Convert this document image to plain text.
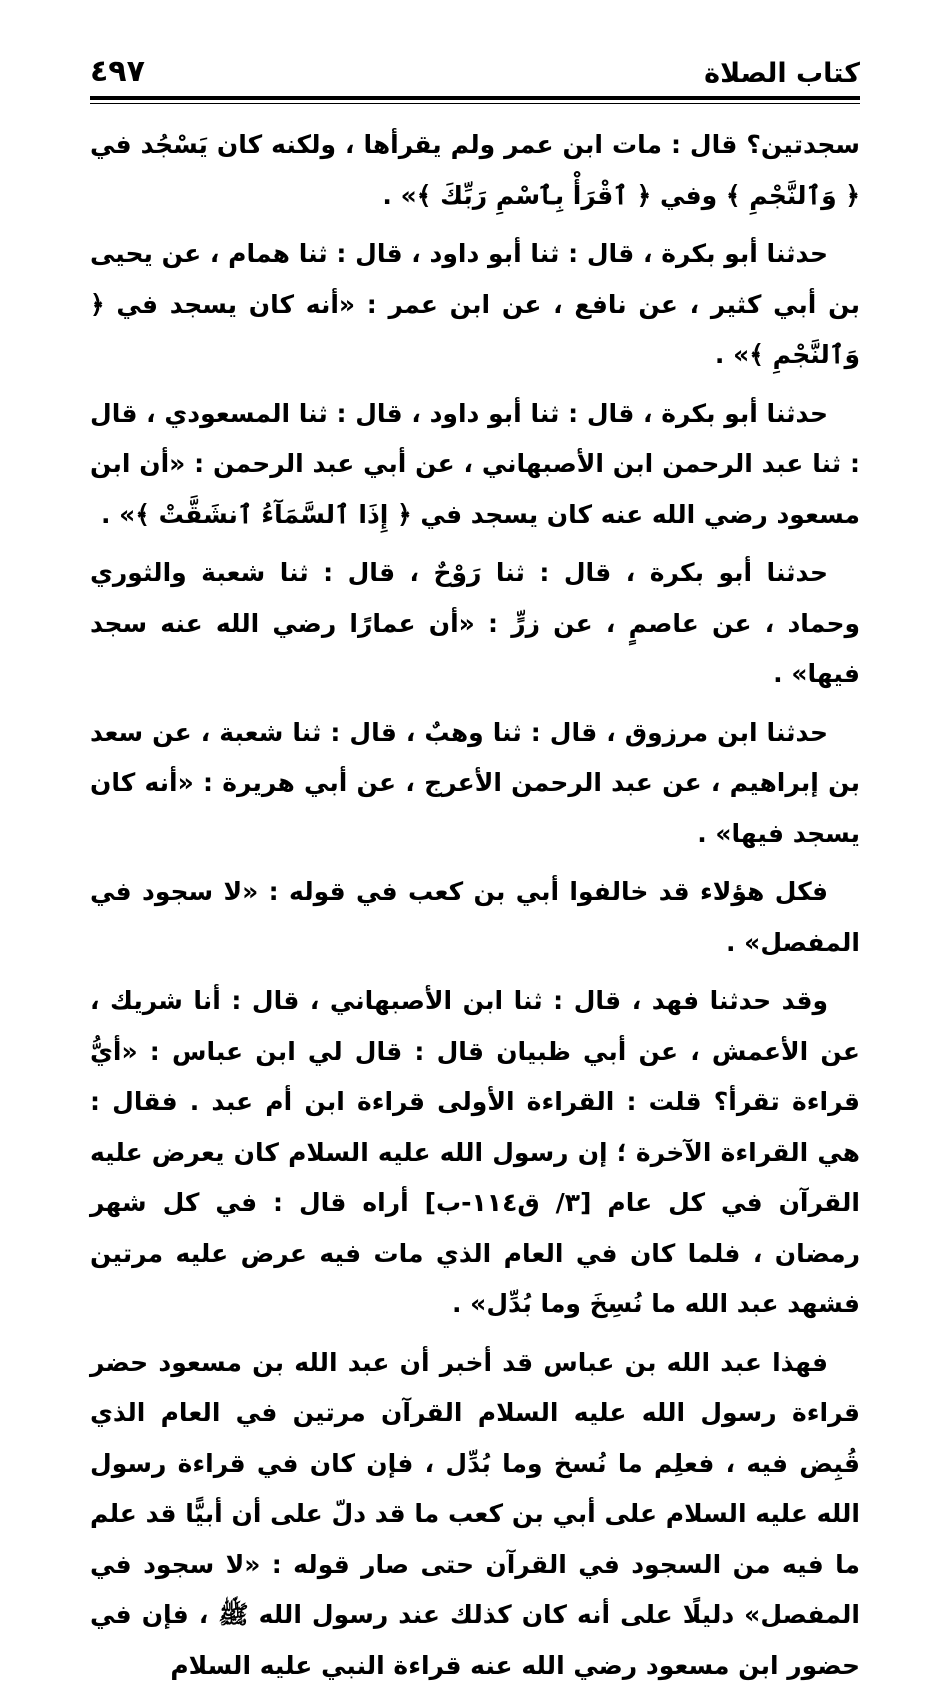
كتاب الصلاة
٤٩٧

سجدتين؟ قال : مات ابن عمر ولم يقرأها ، ولكنه كان يَسْجُد في ﴿ وَٱلنَّجْمِ ﴾ وفي ﴿ ٱقْرَأْ بِٱسْمِ رَبِّكَ ﴾» .

حدثنا أبو بكرة ، قال : ثنا أبو داود ، قال : ثنا همام ، عن يحيى بن أبي كثير ، عن نافع ، عن ابن عمر : «أنه كان يسجد في ﴿ وَٱلنَّجْمِ ﴾» .

حدثنا أبو بكرة ، قال : ثنا أبو داود ، قال : ثنا المسعودي ، قال : ثنا عبد الرحمن ابن الأصبهاني ، عن أبي عبد الرحمن : «أن ابن مسعود رضي الله عنه كان يسجد في ﴿ إِذَا ٱلسَّمَآءُ ٱنشَقَّتْ ﴾» .

حدثنا أبو بكرة ، قال : ثنا رَوْحٌ ، قال : ثنا شعبة والثوري وحماد ، عن عاصمٍ ، عن زرٍّ : «أن عمارًا رضي الله عنه سجد فيها» .

حدثنا ابن مرزوق ، قال : ثنا وهبٌ ، قال : ثنا شعبة ، عن سعد بن إبراهيم ، عن عبد الرحمن الأعرج ، عن أبي هريرة : «أنه كان يسجد فيها» .

فكل هؤلاء قد خالفوا أبي بن كعب في قوله : «لا سجود في المفصل» .

وقد حدثنا فهد ، قال : ثنا ابن الأصبهاني ، قال : أنا شريك ، عن الأعمش ، عن أبي ظبيان قال : قال لي ابن عباس : «أيُّ قراءة تقرأ؟ قلت : القراءة الأولى قراءة ابن أم عبد . فقال : هي القراءة الآخرة ؛ إن رسول الله عليه السلام كان يعرض عليه القرآن في كل عام [٣/ ق١١٤-ب] أراه قال : في كل شهر رمضان ، فلما كان في العام الذي مات فيه عرض عليه مرتين فشهد عبد الله ما نُسِخَ وما بُدِّل» .

فهذا عبد الله بن عباس قد أخبر أن عبد الله بن مسعود حضر قراءة رسول الله عليه السلام القرآن مرتين في العام الذي قُبِض فيه ، فعلِم ما نُسخ وما بُدِّل ، فإن كان في قراءة رسول الله عليه السلام على أبي بن كعب ما قد دلّ على أن أبيًّا قد علم ما فيه من السجود في القرآن حتى صار قوله : «لا سجود في المفصل» دليلًا على أنه كان كذلك عند رسول الله ﷺ ، فإن في حضور ابن مسعود رضي الله عنه قراءة النبي عليه السلام
